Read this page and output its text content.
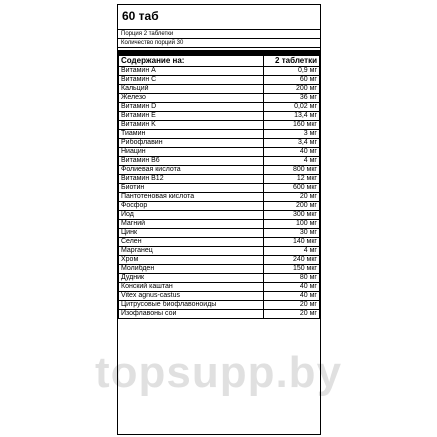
60 таб
Порция 2 таблетки
Количество порций 30
Содержание на:	2 таблетки
Витамин A	0,9 мг
Витамин С	60 мг
Кальций	200 мг
Железо	36 мг
Витамин D	0,02 мг
Витамин E	13,4 мг
Витамин K	160 мкг
Тиамин	3 мг
Рибофлавин	3,4 мг
Ниацин	40 мг
Витамин B6	4 мг
Фолиевая кислота	800 мкг
Витамин B12	12 мкг
Биотин	600 мкг
Пантотеновая кислота	20 мг
Фосфор	200 мг
Йод	300 мкг
Магний	100 мг
Цинк	30 мг
Селен	140 мкг
Марганец	4 мг
Хром	240 мкг
Молибден	150 мкг
Дудник	80 мг
Конский каштан	40 мг
Vitex agnus-castus	40 мг
Цитрусовые биофлавоноиды	20 мг
Изофлавоны сои	20 мг
